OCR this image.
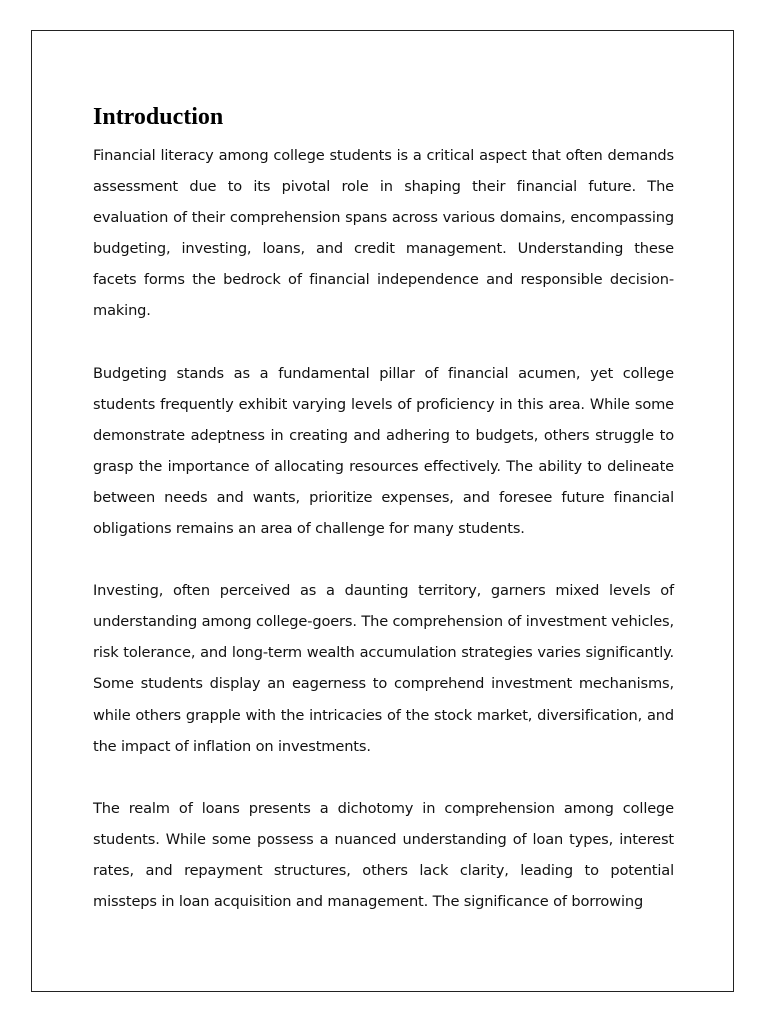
Introduction

Financial literacy among college students is a critical aspect that often demands assessment due to its pivotal role in shaping their financial future. The evaluation of their comprehension spans across various domains, encompassing budgeting, investing, loans, and credit management. Understanding these facets forms the bedrock of financial independence and responsible decision-making.

Budgeting stands as a fundamental pillar of financial acumen, yet college students frequently exhibit varying levels of proficiency in this area. While some demonstrate adeptness in creating and adhering to budgets, others struggle to grasp the importance of allocating resources effectively. The ability to delineate between needs and wants, prioritize expenses, and foresee future financial obligations remains an area of challenge for many students.

Investing, often perceived as a daunting territory, garners mixed levels of understanding among college-goers. The comprehension of investment vehicles, risk tolerance, and long-term wealth accumulation strategies varies significantly. Some students display an eagerness to comprehend investment mechanisms, while others grapple with the intricacies of the stock market, diversification, and the impact of inflation on investments.

The realm of loans presents a dichotomy in comprehension among college students. While some possess a nuanced understanding of loan types, interest rates, and repayment structures, others lack clarity, leading to potential missteps in loan acquisition and management. The significance of borrowing
